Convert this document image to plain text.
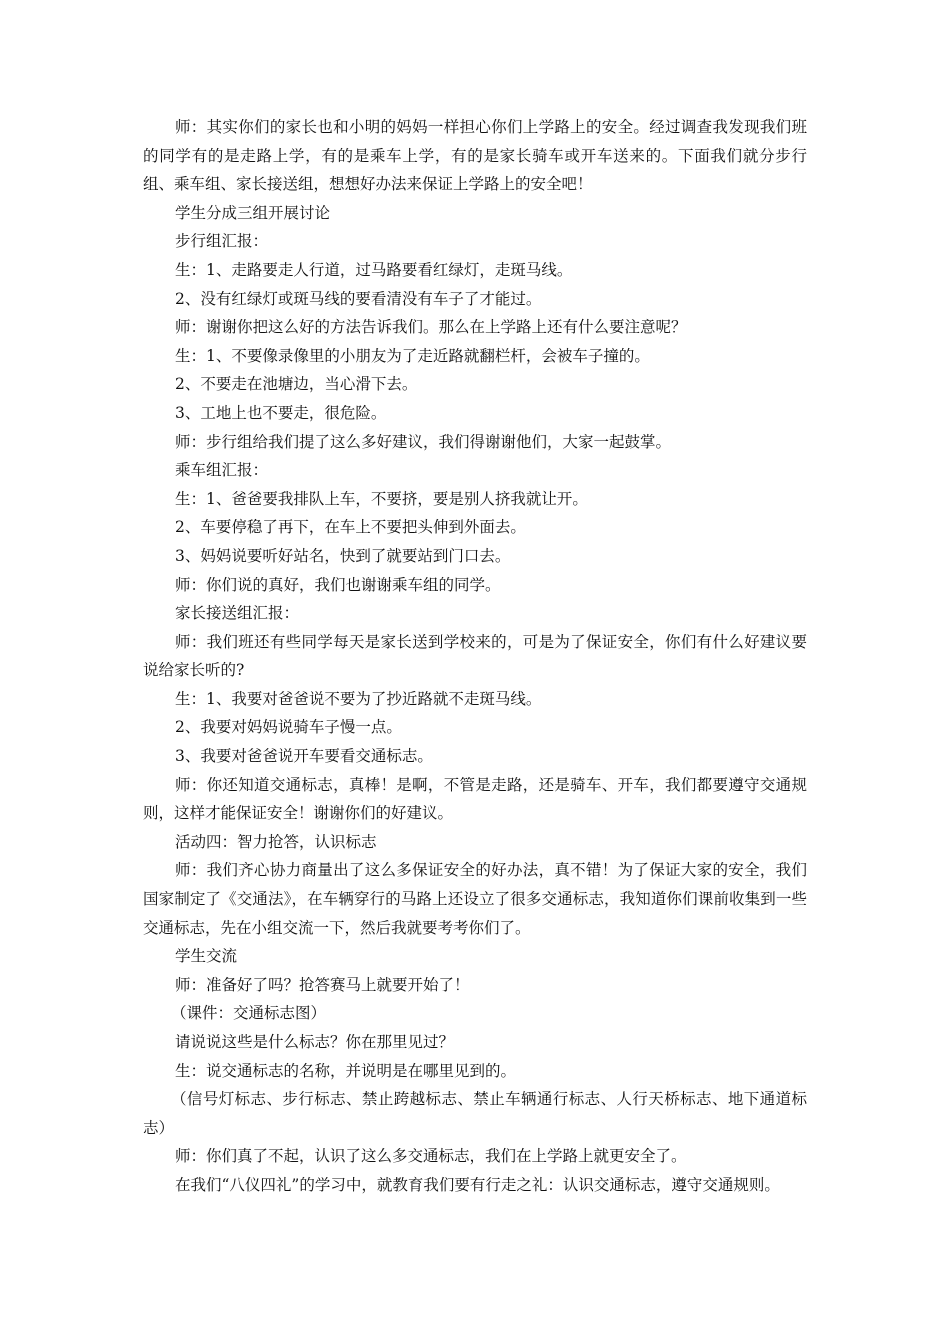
师：其实你们的家长也和小明的妈妈一样担心你们上学路上的安全。经过调查我发现我们班的同学有的是走路上学，有的是乘车上学，有的是家长骑车或开车送来的。下面我们就分步行组、乘车组、家长接送组，想想好办法来保证上学路上的安全吧！

学生分成三组开展讨论

步行组汇报：

生：1、走路要走人行道，过马路要看红绿灯，走斑马线。

2、没有红绿灯或斑马线的要看清没有车子了才能过。

师：谢谢你把这么好的方法告诉我们。那么在上学路上还有什么要注意呢？

生：1、不要像录像里的小朋友为了走近路就翻栏杆，会被车子撞的。

2、不要走在池塘边，当心滑下去。

3、工地上也不要走，很危险。

师：步行组给我们提了这么多好建议，我们得谢谢他们，大家一起鼓掌。

乘车组汇报：

生：1、爸爸要我排队上车，不要挤，要是别人挤我就让开。

2、车要停稳了再下，在车上不要把头伸到外面去。

3、妈妈说要听好站名，快到了就要站到门口去。

师：你们说的真好，我们也谢谢乘车组的同学。

家长接送组汇报：

师：我们班还有些同学每天是家长送到学校来的，可是为了保证安全，你们有什么好建议要说给家长听的?

生：1、我要对爸爸说不要为了抄近路就不走斑马线。

2、我要对妈妈说骑车子慢一点。

3、我要对爸爸说开车要看交通标志。

师：你还知道交通标志，真棒！是啊，不管是走路，还是骑车、开车，我们都要遵守交通规则，这样才能保证安全！谢谢你们的好建议。

活动四：智力抢答，认识标志

师：我们齐心协力商量出了这么多保证安全的好办法，真不错！为了保证大家的安全，我们国家制定了《交通法》，在车辆穿行的马路上还设立了很多交通标志，我知道你们课前收集到一些交通标志，先在小组交流一下，然后我就要考考你们了。

学生交流

师：准备好了吗？抢答赛马上就要开始了！

（课件：交通标志图）

请说说这些是什么标志？你在那里见过？

生：说交通标志的名称，并说明是在哪里见到的。

（信号灯标志、步行标志、禁止跨越标志、禁止车辆通行标志、人行天桥标志、地下通道标志）

师：你们真了不起，认识了这么多交通标志，我们在上学路上就更安全了。

在我们“八仪四礼”的学习中，就教育我们要有行走之礼：认识交通标志，遵守交通规则。
